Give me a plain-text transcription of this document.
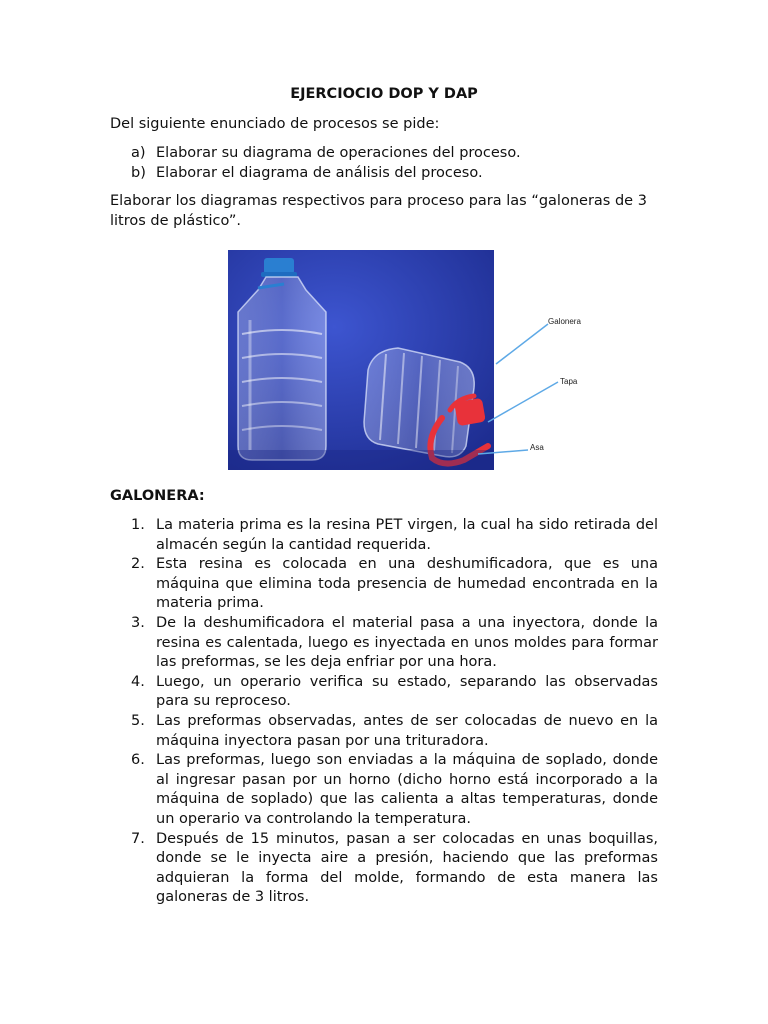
EJERCIOCIO DOP Y DAP
Del siguiente enunciado de procesos se pide:
a) Elaborar su diagrama de operaciones del proceso.
b) Elaborar el diagrama de análisis del proceso.
Elaborar los diagramas respectivos para proceso para las “galoneras de 3 litros de plástico”.
Galonera
Tapa
Asa
GALONERA:
1. La materia prima es la resina PET virgen, la cual ha sido retirada del almacén según la cantidad requerida.
2. Esta resina es colocada en una deshumificadora, que es una máquina que elimina toda presencia de humedad encontrada en la materia prima.
3. De la deshumificadora el material pasa a una inyectora, donde la resina es calentada, luego es inyectada en unos moldes para formar las preformas, se les deja enfriar por una hora.
4. Luego, un operario verifica su estado, separando las observadas para su reproceso.
5. Las preformas observadas, antes de ser colocadas de nuevo en la máquina inyectora pasan por una trituradora.
6. Las preformas, luego son enviadas a la máquina de soplado, donde al ingresar pasan por un horno (dicho horno está incorporado a la máquina de soplado) que las calienta a altas temperaturas, donde un operario va controlando la temperatura.
7. Después de 15 minutos, pasan a ser colocadas en unas boquillas, donde se le inyecta aire a presión, haciendo que las preformas adquieran la forma del molde, formando de esta manera las galoneras de 3 litros.
